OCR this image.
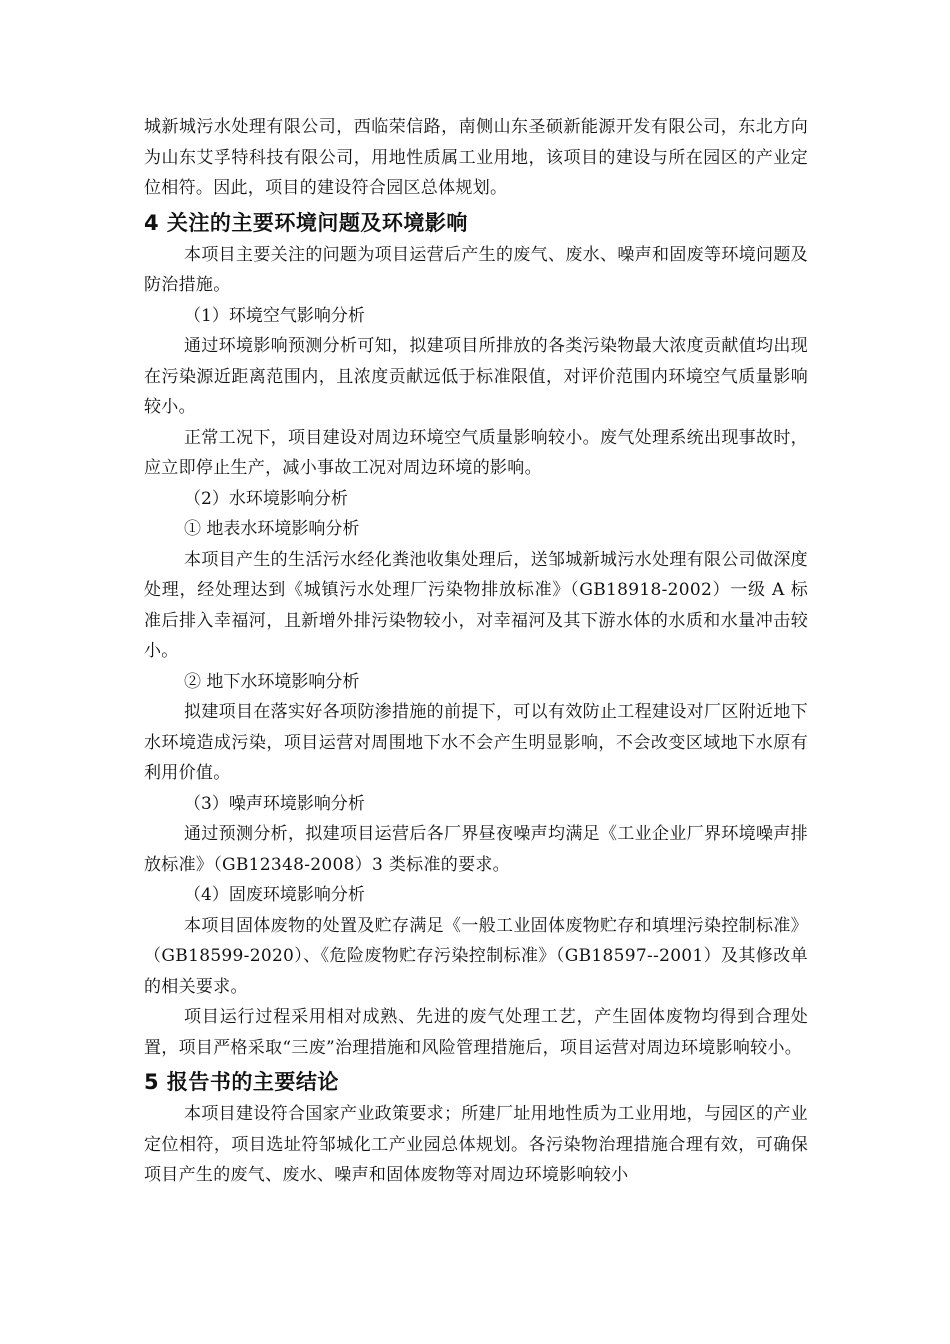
城新城污水处理有限公司，西临荣信路，南侧山东圣硕新能源开发有限公司，东北方向为山东艾孚特科技有限公司，用地性质属工业用地，该项目的建设与所在园区的产业定位相符。因此，项目的建设符合园区总体规划。

4 关注的主要环境问题及环境影响

本项目主要关注的问题为项目运营后产生的废气、废水、噪声和固废等环境问题及防治措施。

（1）环境空气影响分析

通过环境影响预测分析可知，拟建项目所排放的各类污染物最大浓度贡献值均出现在污染源近距离范围内，且浓度贡献远低于标准限值，对评价范围内环境空气质量影响较小。

正常工况下，项目建设对周边环境空气质量影响较小。废气处理系统出现事故时，应立即停止生产，减小事故工况对周边环境的影响。

（2）水环境影响分析

① 地表水环境影响分析

本项目产生的生活污水经化粪池收集处理后，送邹城新城污水处理有限公司做深度处理，经处理达到《城镇污水处理厂污染物排放标准》（GB18918-2002）一级 A 标准后排入幸福河，且新增外排污染物较小，对幸福河及其下游水体的水质和水量冲击较小。

② 地下水环境影响分析

拟建项目在落实好各项防渗措施的前提下，可以有效防止工程建设对厂区附近地下水环境造成污染，项目运营对周围地下水不会产生明显影响，不会改变区域地下水原有利用价值。

（3）噪声环境影响分析

通过预测分析，拟建项目运营后各厂界昼夜噪声均满足《工业企业厂界环境噪声排放标准》（GB12348-2008）3 类标准的要求。

（4）固废环境影响分析

本项目固体废物的处置及贮存满足《一般工业固体废物贮存和填埋污染控制标准》（GB18599-2020）、《危险废物贮存污染控制标准》（GB18597--2001）及其修改单的相关要求。

项目运行过程采用相对成熟、先进的废气处理工艺，产生固体废物均得到合理处置，项目严格采取“三废”治理措施和风险管理措施后，项目运营对周边环境影响较小。

5 报告书的主要结论

本项目建设符合国家产业政策要求；所建厂址用地性质为工业用地，与园区的产业定位相符，项目选址符邹城化工产业园总体规划。各污染物治理措施合理有效，可确保项目产生的废气、废水、噪声和固体废物等对周边环境影响较小
